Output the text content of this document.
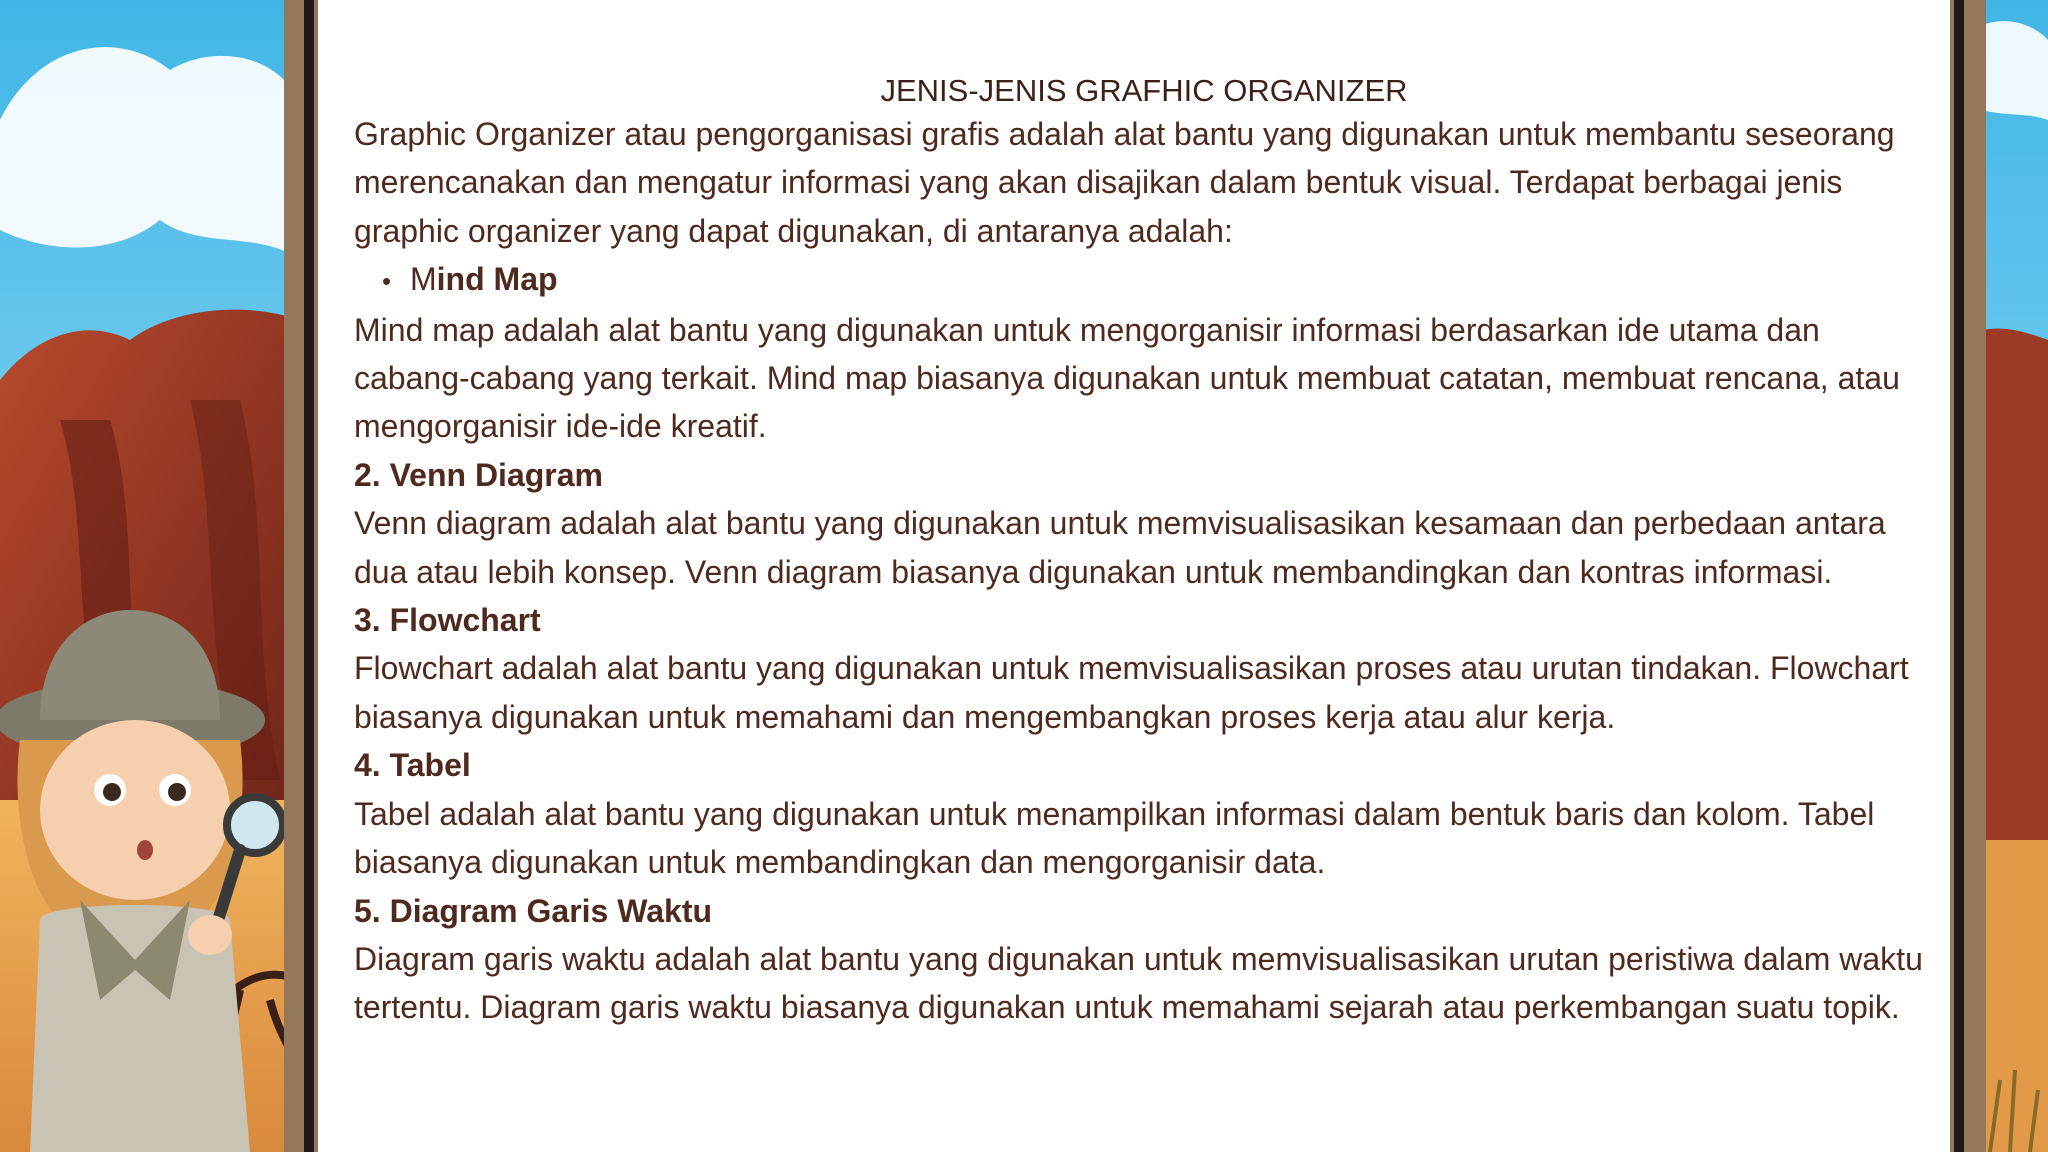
JENIS-JENIS GRAFHIC ORGANIZER

Graphic Organizer atau pengorganisasi grafis adalah alat bantu yang digunakan untuk membantu seseorang merencanakan dan mengatur informasi yang akan disajikan dalam bentuk visual. Terdapat berbagai jenis graphic organizer yang dapat digunakan, di antaranya adalah:

• Mind Map

Mind map adalah alat bantu yang digunakan untuk mengorganisir informasi berdasarkan ide utama dan cabang-cabang yang terkait. Mind map biasanya digunakan untuk membuat catatan, membuat rencana, atau mengorganisir ide-ide kreatif.

2. Venn Diagram

Venn diagram adalah alat bantu yang digunakan untuk memvisualisasikan kesamaan dan perbedaan antara dua atau lebih konsep. Venn diagram biasanya digunakan untuk membandingkan dan kontras informasi.

3. Flowchart

Flowchart adalah alat bantu yang digunakan untuk memvisualisasikan proses atau urutan tindakan. Flowchart biasanya digunakan untuk memahami dan mengembangkan proses kerja atau alur kerja.

4. Tabel

Tabel adalah alat bantu yang digunakan untuk menampilkan informasi dalam bentuk baris dan kolom. Tabel biasanya digunakan untuk membandingkan dan mengorganisir data.

5. Diagram Garis Waktu

Diagram garis waktu adalah alat bantu yang digunakan untuk memvisualisasikan urutan peristiwa dalam waktu tertentu. Diagram garis waktu biasanya digunakan untuk memahami sejarah atau perkembangan suatu topik.
